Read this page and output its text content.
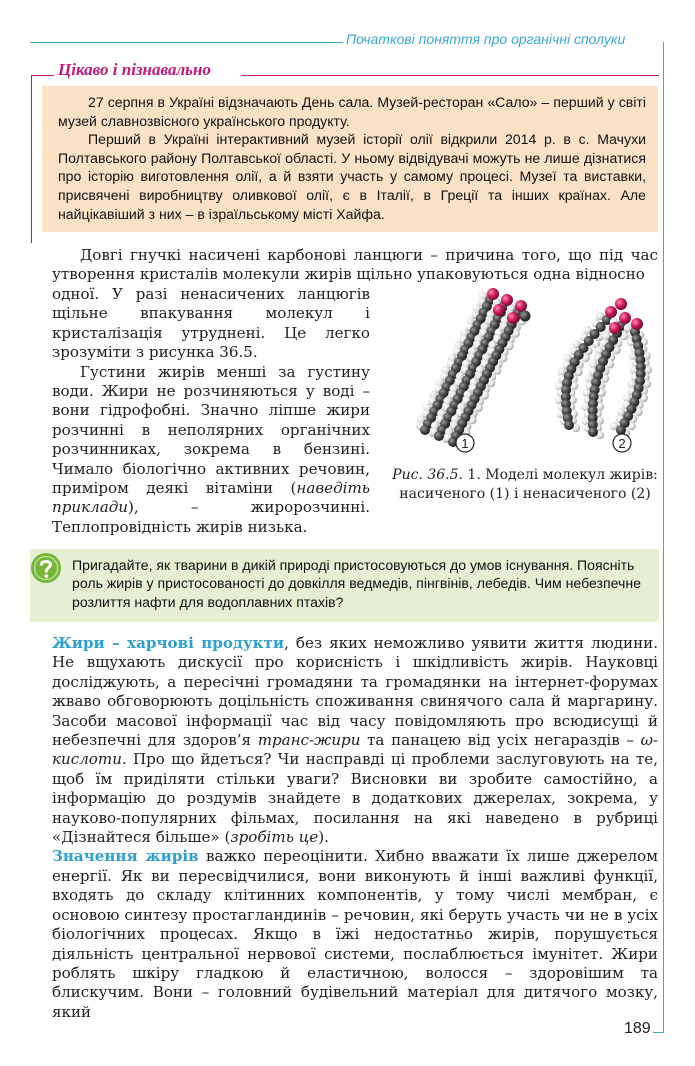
Початкові поняття про органічні сполуки
Цікаво і пізнавально

27 серпня в Україні відзначають День сала. Музей-ресторан «Сало» – перший у світі музей славнозвісного українського продукту.

Перший в Україні інтерактивний музей історії олії відкрили 2014 р. в с. Мачухи Полтавського району Полтавської області. У ньому відвідувачі можуть не лише дізнатися про історію виготовлення олії, а й взяти участь у самому процесі. Музеї та виставки, присвячені виробництву оливкової олії, є в Італії, в Греції та інших країнах. Але найцікавіший з них – в ізраїльському місті Хайфа.

Довгі гнучкі насичені карбонові ланцюги – причина того, що під час утворення кристалів молекули жирів щільно упаковуються одна відносно

одної. У разі ненасичених ланцюгів щільне впакування молекул і кристалізація утруднені. Це легко зрозуміти з рисунка 36.5.

Густини жирів менші за густину води. Жири не розчиняються у воді – вони гідрофобні. Значно ліпше жири розчинні в неполярних органічних розчинниках, зокрема в бензині. Чимало біологічно активних речовин, приміром деякі вітаміни (наведіть приклади), – жиророзчинні. Теплопровідність жирів низька.

1	2
Рис. 36.5. 1. Моделі молекул жирів: насиченого (1) і ненасиченого (2)

Пригадайте, як тварини в дикій природі пристосовуються до умов існування. Поясніть роль жирів у пристосованості до довкілля ведмедів, пінгвінів, лебедів. Чим небезпечне розлиття нафти для водоплавних птахів?

Жири – харчові продукти, без яких неможливо уявити життя людини. Не вщухають дискусії про корисність і шкідливість жирів. Науковці досліджують, а пересічні громадяни та громадянки на інтернет-форумах жваво обговорюють доцільність споживання свинячого сала й маргарину. Засоби масової інформації час від часу повідомляють про всюдисущі й небезпечні для здоров’я транс-жири та панацею від усіх негараздів – ω-кислоти. Про що йдеться? Чи насправді ці проблеми заслуговують на те, щоб їм приділяти стільки уваги? Висновки ви зробите самостійно, а інформацію до роздумів знайдете в додаткових джерелах, зокрема, у науково-популярних фільмах, посилання на які наведено в рубриці «Дізнайтеся більше» (зробіть це).

Значення жирів важко переоцінити. Хибно вважати їх лише джерелом енергії. Як ви пересвідчилися, вони виконують й інші важливі функції, входять до складу клітинних компонентів, у тому числі мембран, є основою синтезу простагландинів – речовин, які беруть участь чи не в усіх біологічних процесах. Якщо в їжі недостатньо жирів, порушується діяльність центральної нервової системи, послаблюється імунітет. Жири роблять шкіру гладкою й еластичною, волосся – здоровішим та блискучим. Вони – головний будівельний матеріал для дитячого мозку, який

189
